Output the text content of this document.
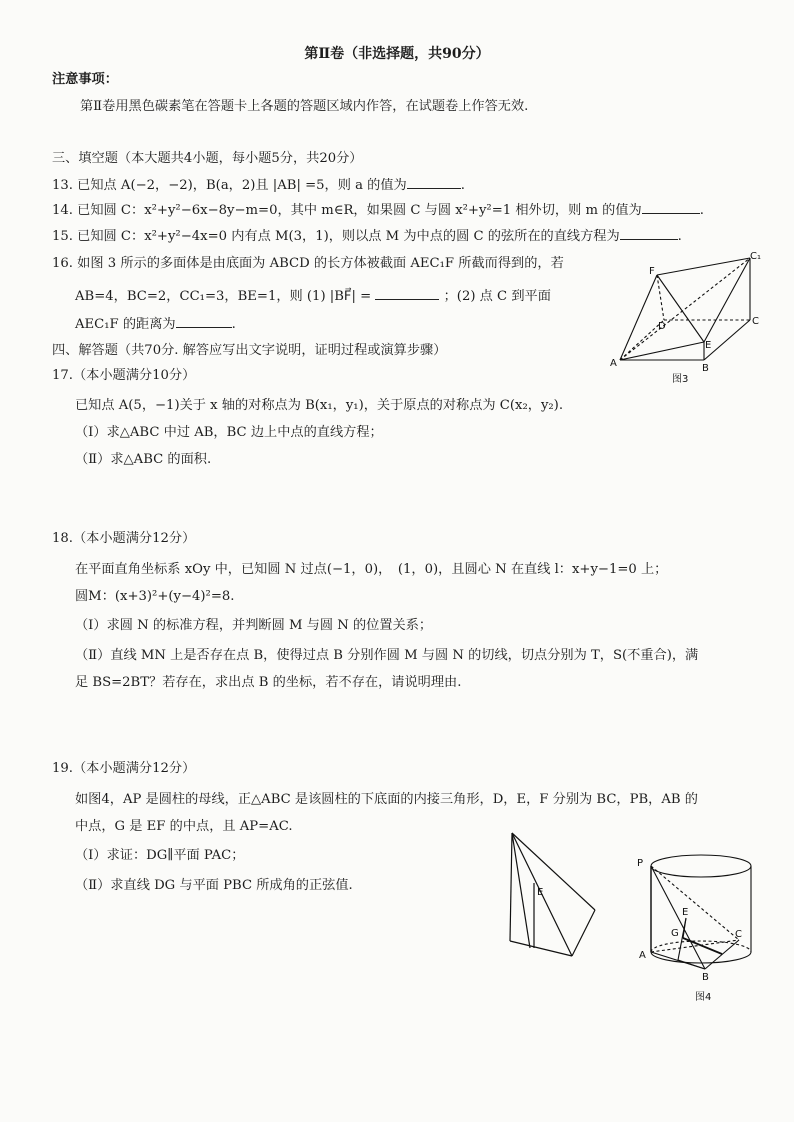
第Ⅱ卷（非选择题，共90分）
注意事项：
第Ⅱ卷用黑色碳素笔在答题卡上各题的答题区域内作答，在试题卷上作答无效.
三、填空题（本大题共4小题，每小题5分，共20分）
13. 已知点 A(−2，−2)，B(a，2)且 |AB| =5，则 a 的值为	.
14. 已知圆 C：x²+y²−6x−8y−m=0，其中 m∈R，如果圆 C 与圆 x²+y²=1 相外切，则 m 的值为	.
15. 已知圆 C：x²+y²−4x=0 内有点 M(3，1)，则以点 M 为中点的圆 C 的弦所在的直线方程为	.
16. 如图 3 所示的多面体是由底面为 ABCD 的长方体被截面 AEC₁F 所截而得到的，若
AB=4，BC=2，CC₁=3，BE=1，则 (1) |BF⃗| =	；(2) 点 C 到平面
AEC₁F 的距离为	.
四、解答题（共70分. 解答应写出文字说明，证明过程或演算步骤）
17.（本小题满分10分）
已知点 A(5，−1)关于 x 轴的对称点为 B(x₁，y₁)，关于原点的对称点为 C(x₂，y₂).
（Ⅰ）求△ABC 中过 AB，BC 边上中点的直线方程；
（Ⅱ）求△ABC 的面积.
18.（本小题满分12分）
在平面直角坐标系 xOy 中，已知圆 N 过点(−1，0)，　(1，0)，且圆心 N 在直线 l：x+y−1=0 上；
圆M：(x+3)²+(y−4)²=8.
（Ⅰ）求圆 N 的标准方程，并判断圆 M 与圆 N 的位置关系；
（Ⅱ）直线 MN 上是否存在点 B，使得过点 B 分别作圆 M 与圆 N 的切线，切点分别为 T，S(不重合)，满
足 BS=2BT？若存在，求出点 B 的坐标，若不存在，请说明理由.
19.（本小题满分12分）
如图4，AP 是圆柱的母线，正△ABC 是该圆柱的下底面的内接三角形，D，E，F 分别为 BC，PB，AB 的
中点，G 是 EF 的中点，且 AP=AC.
（Ⅰ）求证：DG∥平面 PAC；
（Ⅱ）求直线 DG 与平面 PBC 所成角的正弦值.
F
C₁
D	C
E
A	B
图3
E
P
E
G	C
A
B
图4
